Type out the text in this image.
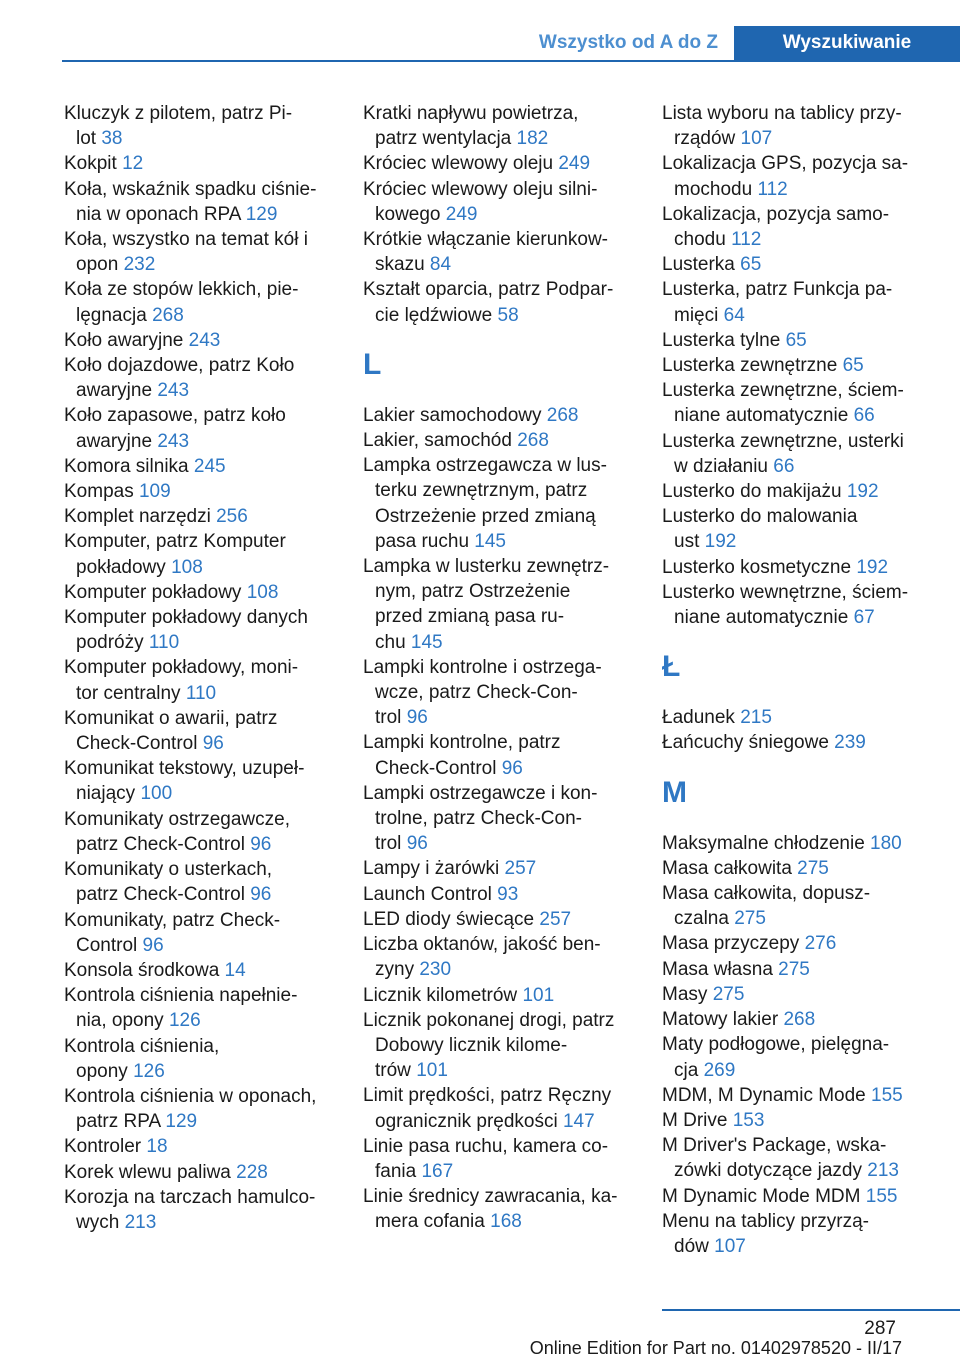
Wszystko od A do Z	Wyszukiwanie
Kluczyk z pilotem, patrz Pi‐
lot 38
Kokpit 12
Koła, wskaźnik spadku ciśnie‐
nia w oponach RPA 129
Koła, wszystko na temat kół i
opon 232
Koła ze stopów lekkich, pie‐
lęgnacja 268
Koło awaryjne 243
Koło dojazdowe, patrz Koło
awaryjne 243
Koło zapasowe, patrz koło
awaryjne 243
Komora silnika 245
Kompas 109
Komplet narzędzi 256
Komputer, patrz Komputer
pokładowy 108
Komputer pokładowy 108
Komputer pokładowy danych
podróży 110
Komputer pokładowy, moni‐
tor centralny 110
Komunikat o awarii, patrz
Check-Control 96
Komunikat tekstowy, uzupeł‐
niający 100
Komunikaty ostrzegawcze,
patrz Check-Control 96
Komunikaty o usterkach,
patrz Check-Control 96
Komunikaty, patrz Check-
Control 96
Konsola środkowa 14
Kontrola ciśnienia napełnie‐
nia, opony 126
Kontrola ciśnienia,
opony 126
Kontrola ciśnienia w oponach,
patrz RPA 129
Kontroler 18
Korek wlewu paliwa 228
Korozja na tarczach hamulco‐
wych 213
Kratki napływu powietrza,
patrz wentylacja 182
Króciec wlewowy oleju 249
Króciec wlewowy oleju silni‐
kowego 249
Krótkie włączanie kierunkow‐
skazu 84
Kształt oparcia, patrz Podpar‐
cie lędźwiowe 58
L
Lakier samochodowy 268
Lakier, samochód 268
Lampka ostrzegawcza w lus‐
terku zewnętrznym, patrz
Ostrzeżenie przed zmianą
pasa ruchu 145
Lampka w lusterku zewnętrz‐
nym, patrz Ostrzeżenie
przed zmianą pasa ru‐
chu 145
Lampki kontrolne i ostrzega‐
wcze, patrz Check-Con‐
trol 96
Lampki kontrolne, patrz
Check-Control 96
Lampki ostrzegawcze i kon‐
trolne, patrz Check-Con‐
trol 96
Lampy i żarówki 257
Launch Control 93
LED diody świecące 257
Liczba oktanów, jakość ben‐
zyny 230
Licznik kilometrów 101
Licznik pokonanej drogi, patrz
Dobowy licznik kilome‐
trów 101
Limit prędkości, patrz Ręczny
ogranicznik prędkości 147
Linie pasa ruchu, kamera co‐
fania 167
Linie średnicy zawracania, ka‐
mera cofania 168
Lista wyboru na tablicy przy‐
rządów 107
Lokalizacja GPS, pozycja sa‐
mochodu 112
Lokalizacja, pozycja samo‐
chodu 112
Lusterka 65
Lusterka, patrz Funkcja pa‐
mięci 64
Lusterka tylne 65
Lusterka zewnętrzne 65
Lusterka zewnętrzne, ściem‐
niane automatycznie 66
Lusterka zewnętrzne, usterki
w działaniu 66
Lusterko do makijażu 192
Lusterko do malowania
ust 192
Lusterko kosmetyczne 192
Lusterko wewnętrzne, ściem‐
niane automatycznie 67
Ł
Ładunek 215
Łańcuchy śniegowe 239
M
Maksymalne chłodzenie 180
Masa całkowita 275
Masa całkowita, dopusz‐
czalna 275
Masa przyczepy 276
Masa własna 275
Masy 275
Matowy lakier 268
Maty podłogowe, pielęgna‐
cja 269
MDM, M Dynamic Mode 155
M Drive 153
M Driver's Package, wska‐
zówki dotyczące jazdy 213
M Dynamic Mode MDM 155
Menu na tablicy przyrzą‐
dów 107
287
Online Edition for Part no. 01402978520 - II/17
